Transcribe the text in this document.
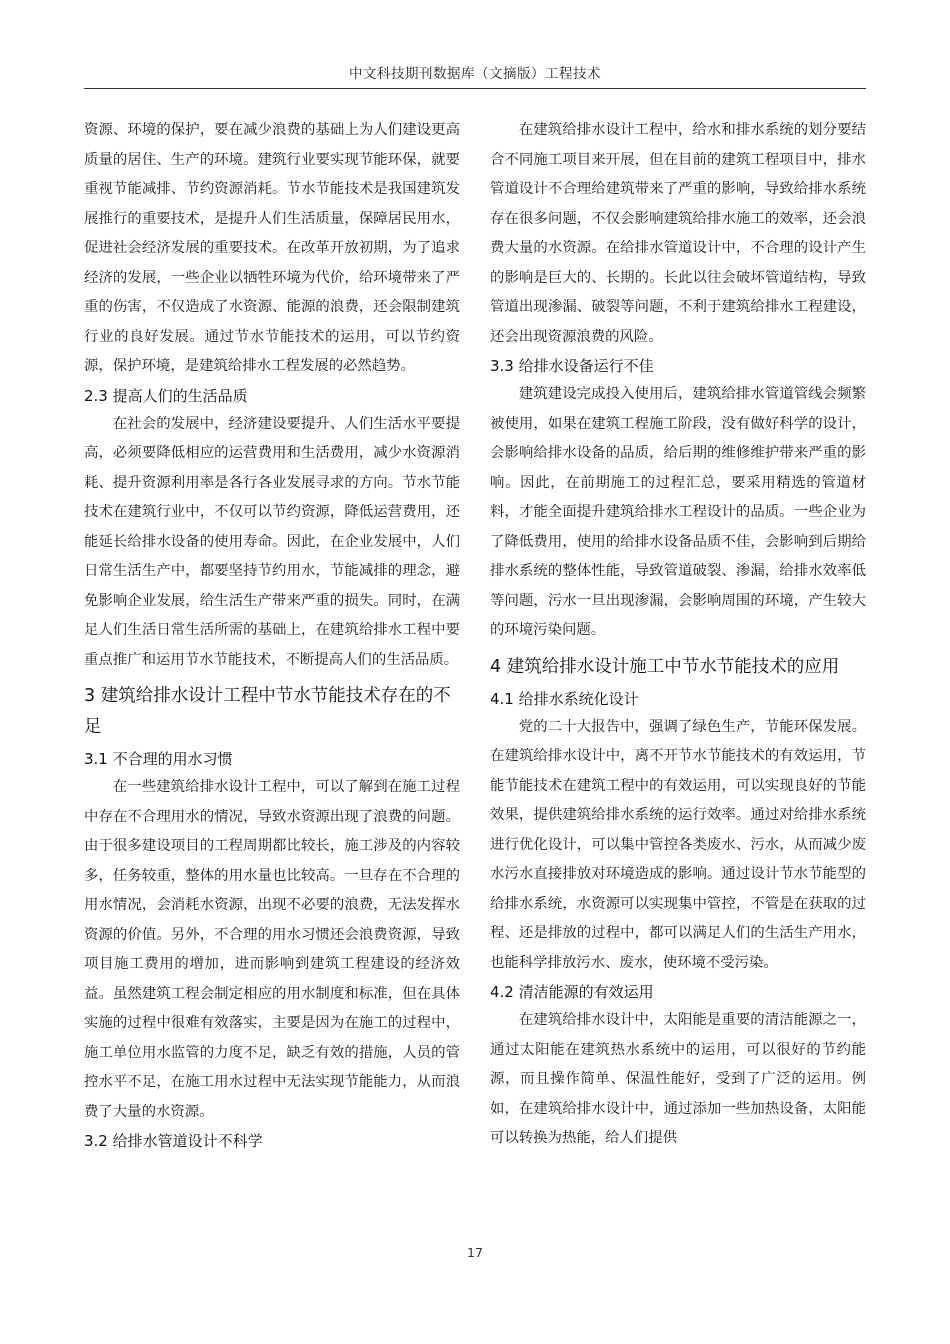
中文科技期刊数据库（文摘版）工程技术

资源、环境的保护，要在减少浪费的基础上为人们建设更高质量的居住、生产的环境。建筑行业要实现节能环保，就要重视节能减排、节约资源消耗。节水节能技术是我国建筑发展推行的重要技术，是提升人们生活质量，保障居民用水，促进社会经济发展的重要技术。在改革开放初期，为了追求经济的发展，一些企业以牺牲环境为代价，给环境带来了严重的伤害，不仅造成了水资源、能源的浪费，还会限制建筑行业的良好发展。通过节水节能技术的运用，可以节约资源，保护环境，是建筑给排水工程发展的必然趋势。

2.3 提高人们的生活品质

在社会的发展中，经济建设要提升、人们生活水平要提高，必须要降低相应的运营费用和生活费用，减少水资源消耗、提升资源利用率是各行各业发展寻求的方向。节水节能技术在建筑行业中，不仅可以节约资源，降低运营费用，还能延长给排水设备的使用寿命。因此，在企业发展中，人们日常生活生产中，都要坚持节约用水，节能减排的理念，避免影响企业发展，给生活生产带来严重的损失。同时，在满足人们生活日常生活所需的基础上，在建筑给排水工程中要重点推广和运用节水节能技术，不断提高人们的生活品质。

3 建筑给排水设计工程中节水节能技术存在的不足
3.1 不合理的用水习惯

在一些建筑给排水设计工程中，可以了解到在施工过程中存在不合理用水的情况，导致水资源出现了浪费的问题。由于很多建设项目的工程周期都比较长，施工涉及的内容较多，任务较重，整体的用水量也比较高。一旦存在不合理的用水情况，会消耗水资源，出现不必要的浪费，无法发挥水资源的价值。另外，不合理的用水习惯还会浪费资源，导致项目施工费用的增加，进而影响到建筑工程建设的经济效益。虽然建筑工程会制定相应的用水制度和标准，但在具体实施的过程中很难有效落实，主要是因为在施工的过程中，施工单位用水监管的力度不足，缺乏有效的措施，人员的管控水平不足，在施工用水过程中无法实现节能能力，从而浪费了大量的水资源。

3.2 给排水管道设计不科学

在建筑给排水设计工程中，给水和排水系统的划分要结合不同施工项目来开展，但在目前的建筑工程项目中，排水管道设计不合理给建筑带来了严重的影响，导致给排水系统存在很多问题，不仅会影响建筑给排水施工的效率，还会浪费大量的水资源。在给排水管道设计中，不合理的设计产生的影响是巨大的、长期的。长此以往会破坏管道结构，导致管道出现渗漏、破裂等问题，不利于建筑给排水工程建设，还会出现资源浪费的风险。

3.3 给排水设备运行不佳

建筑建设完成投入使用后，建筑给排水管道管线会频繁被使用，如果在建筑工程施工阶段，没有做好科学的设计，会影响给排水设备的品质，给后期的维修维护带来严重的影响。因此，在前期施工的过程汇总，要采用精选的管道材料，才能全面提升建筑给排水工程设计的品质。一些企业为了降低费用，使用的给排水设备品质不佳，会影响到后期给排水系统的整体性能，导致管道破裂、渗漏，给排水效率低等问题，污水一旦出现渗漏，会影响周围的环境，产生较大的环境污染问题。

4 建筑给排水设计施工中节水节能技术的应用
4.1 给排水系统化设计

党的二十大报告中，强调了绿色生产，节能环保发展。在建筑给排水设计中，离不开节水节能技术的有效运用，节能节能技术在建筑工程中的有效运用，可以实现良好的节能效果，提供建筑给排水系统的运行效率。通过对给排水系统进行优化设计，可以集中管控各类废水、污水，从而减少废水污水直接排放对环境造成的影响。通过设计节水节能型的给排水系统，水资源可以实现集中管控，不管是在获取的过程、还是排放的过程中，都可以满足人们的生活生产用水，也能科学排放污水、废水，使环境不受污染。

4.2 清洁能源的有效运用

在建筑给排水设计中，太阳能是重要的清洁能源之一，通过太阳能在建筑热水系统中的运用，可以很好的节约能源，而且操作简单、保温性能好，受到了广泛的运用。例如，在建筑给排水设计中，通过添加一些加热设备，太阳能可以转换为热能，给人们提供

17
